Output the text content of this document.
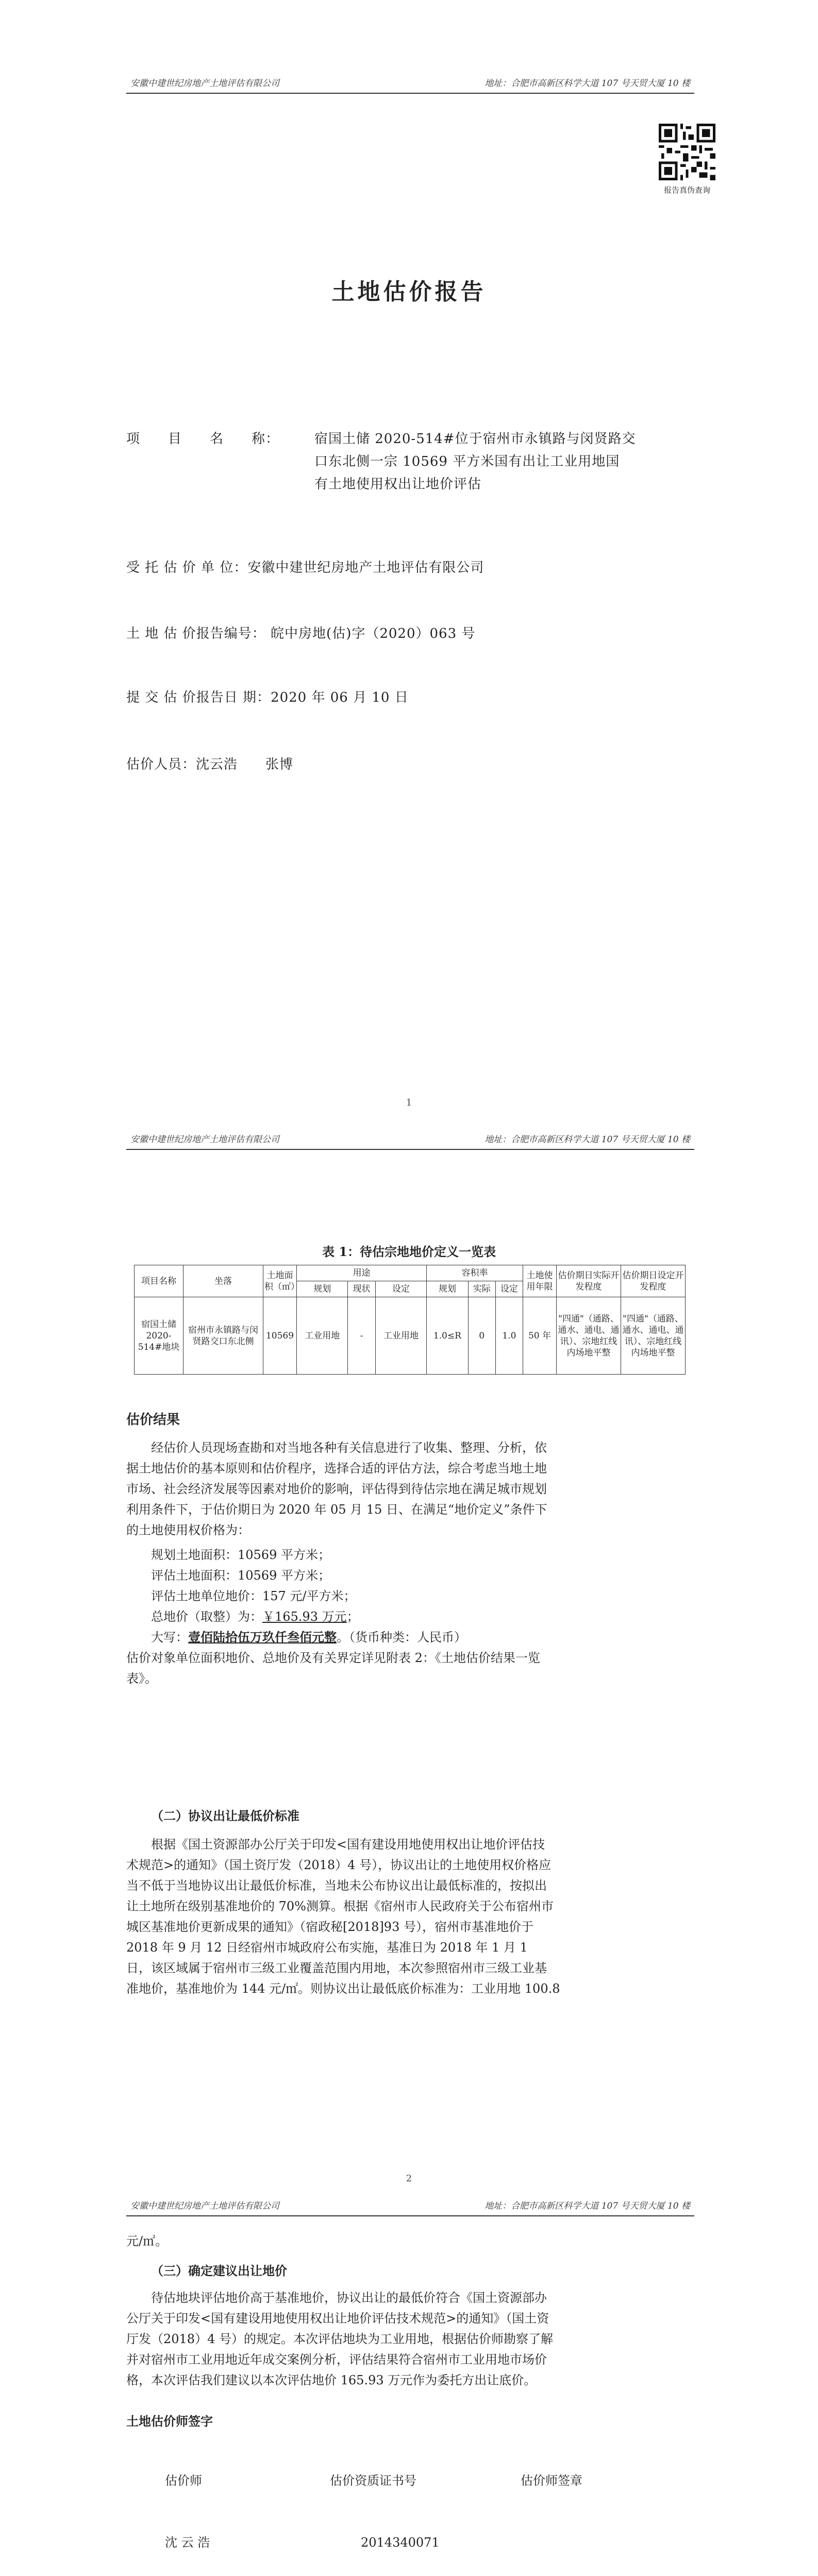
安徽中建世纪房地产土地评估有限公司	地址：合肥市高新区科学大道 107 号天贸大厦 10 楼
报告真伪查询
土地估价报告
项　　目　　名　　称：	宿国土储 2020-514#位于宿州市永镇路与闵贤路交
口东北侧一宗 10569 平方米国有出让工业用地国
有土地使用权出让地价评估
受 托 估 价 单 位：安徽中建世纪房地产土地评估有限公司
土 地 估 价报告编号： 皖中房地(估)字（2020）063 号
提 交 估 价报告日 期：2020 年 06 月 10 日
估价人员：沈云浩　　张博
1
安徽中建世纪房地产土地评估有限公司	地址：合肥市高新区科学大道 107 号天贸大厦 10 楼
表 1：待估宗地地价定义一览表
项目名称	坐落	土地面积（㎡）	用途			容积率			土地使用年限	估价期日实际开发程度	估价期日设定开发程度
			规划	现状	设定	规划	实际	设定			
宿国土储 2020-514#地块	宿州市永镇路与闵贤路交口东北侧	10569	工业用地	-	工业用地	1.0≤R	0	1.0	50 年	"四通"（通路、通水、通电、通讯）、宗地红线内场地平整	"四通"（通路、通水、通电、通讯）、宗地红线内场地平整
估价结果
经估价人员现场查勘和对当地各种有关信息进行了收集、整理、分析，依
据土地估价的基本原则和估价程序，选择合适的评估方法，综合考虑当地土地
市场、社会经济发展等因素对地价的影响，评估得到待估宗地在满足城市规划
利用条件下，于估价期日为 2020 年 05 月 15 日、在满足“地价定义”条件下
的土地使用权价格为：
规划土地面积：10569 平方米；
评估土地面积：10569 平方米；
评估土地单位地价：157 元/平方米；
总地价（取整）为：￥165.93 万元；
大写：壹佰陆拾伍万玖仟叁佰元整。（货币种类：人民币）
估价对象单位面积地价、总地价及有关界定详见附表 2：《土地估价结果一览
表》。
（二）协议出让最低价标准
根据《国土资源部办公厅关于印发<国有建设用地使用权出让地价评估技
术规范>的通知》（国土资厅发（2018）4 号），协议出让的土地使用权价格应
当不低于当地协议出让最低价标准，当地未公布协议出让最低标准的，按拟出
让土地所在级别基准地价的 70%测算。根据《宿州市人民政府关于公布宿州市
城区基准地价更新成果的通知》（宿政秘[2018]93 号），宿州市基准地价于
2018 年 9 月 12 日经宿州市城政府公布实施，基准日为 2018 年 1 月 1
日，该区域属于宿州市三级工业覆盖范围内用地，本次参照宿州市三级工业基
准地价，基准地价为 144 元/㎡。则协议出让最低底价标准为：工业用地 100.8
2
安徽中建世纪房地产土地评估有限公司	地址：合肥市高新区科学大道 107 号天贸大厦 10 楼
元/㎡。
（三）确定建议出让地价
待估地块评估地价高于基准地价，协议出让的最低价符合《国土资源部办
公厅关于印发<国有建设用地使用权出让地价评估技术规范>的通知》（国土资
厅发（2018）4 号）的规定。本次评估地块为工业用地，根据估价师勘察了解
并对宿州市工业用地近年成交案例分析，评估结果符合宿州市工业用地市场价
格，本次评估我们建议以本次评估地价 165.93 万元作为委托方出让底价。
土地估价师签字
估价师	估价资质证书号	估价师签章
沈 云 浩	2014340071
